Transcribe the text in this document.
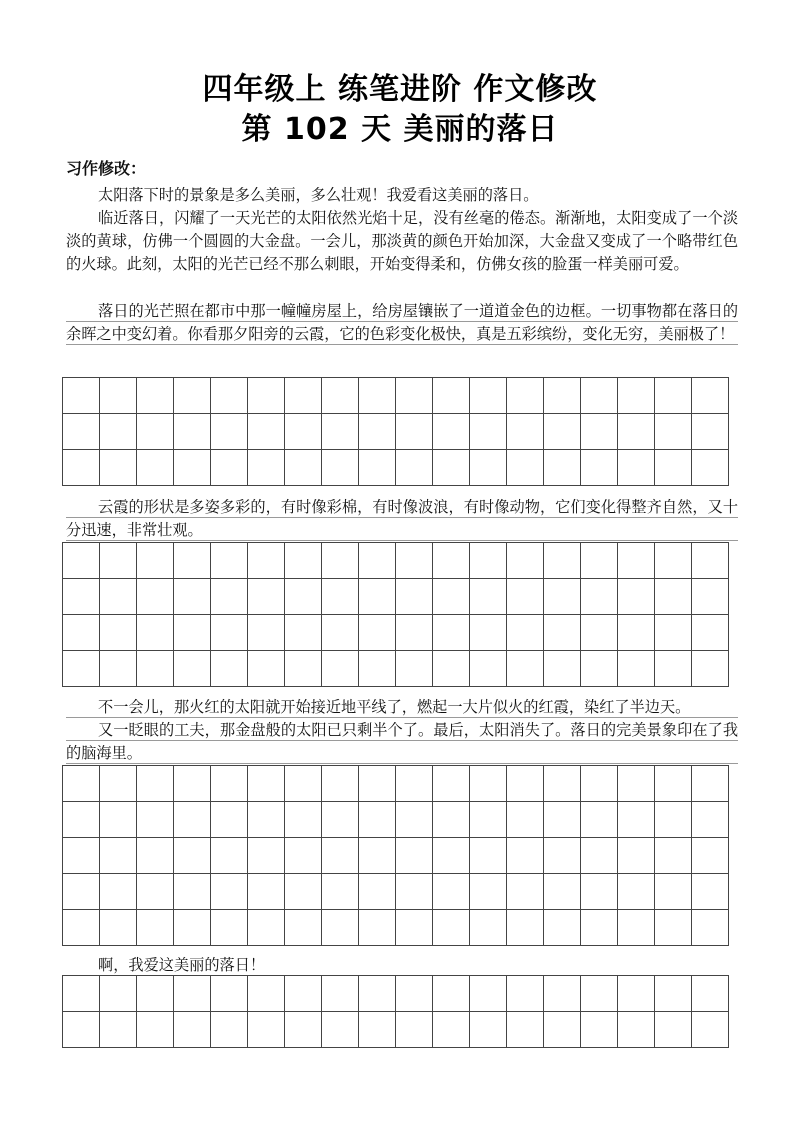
四年级上 练笔进阶 作文修改
第 102 天 美丽的落日
习作修改：

太阳落下时的景象是多么美丽，多么壮观！我爱看这美丽的落日。

临近落日，闪耀了一天光芒的太阳依然光焰十足，没有丝毫的倦态。渐渐地，太阳变成了一个淡淡的黄球，仿佛一个圆圆的大金盘。一会儿，那淡黄的颜色开始加深，大金盘又变成了一个略带红色的火球。此刻，太阳的光芒已经不那么刺眼，开始变得柔和，仿佛女孩的脸蛋一样美丽可爱。

落日的光芒照在都市中那一幢幢房屋上，给房屋镶嵌了一道道金色的边框。一切事物都在落日的余晖之中变幻着。你看那夕阳旁的云霞，它的色彩变化极快，真是五彩缤纷，变化无穷，美丽极了！

云霞的形状是多姿多彩的，有时像彩棉，有时像波浪，有时像动物，它们变化得整齐自然，又十分迅速，非常壮观。

不一会儿，那火红的太阳就开始接近地平线了，燃起一大片似火的红霞，染红了半边天。

又一眨眼的工夫，那金盘般的太阳已只剩半个了。最后，太阳消失了。落日的完美景象印在了我的脑海里。

啊，我爱这美丽的落日！
